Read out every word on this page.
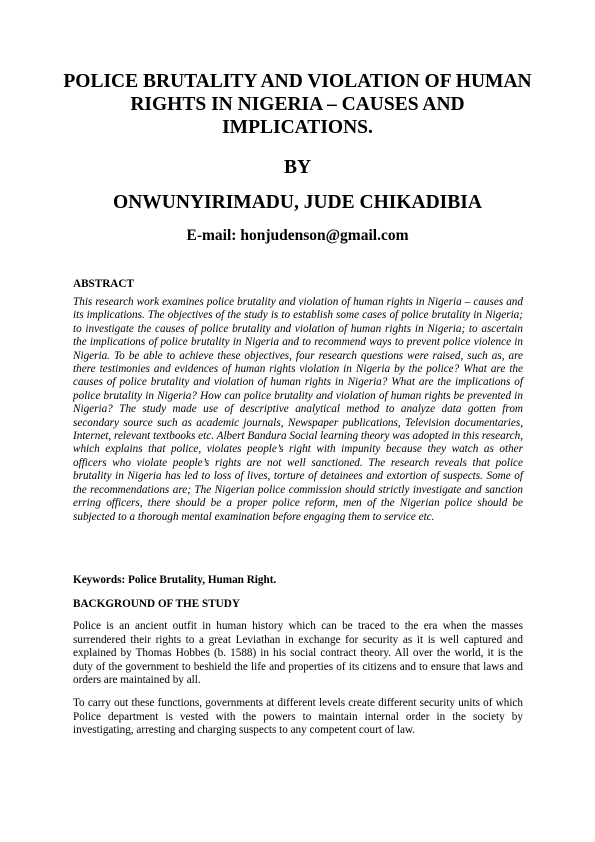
POLICE BRUTALITY AND VIOLATION OF HUMAN RIGHTS IN NIGERIA – CAUSES AND IMPLICATIONS.

BY

ONWUNYIRIMADU, JUDE CHIKADIBIA

E-mail: honjudenson@gmail.com

ABSTRACT

This research work examines police brutality and violation of human rights in Nigeria – causes and its implications. The objectives of the study is to establish some cases of police brutality in Nigeria; to investigate the causes of police brutality and violation of human rights in Nigeria; to ascertain the implications of police brutality in Nigeria and to recommend ways to prevent police violence in Nigeria. To be able to achieve these objectives, four research questions were raised, such as, are there testimonies and evidences of human rights violation in Nigeria by the police? What are the causes of police brutality and violation of human rights in Nigeria? What are the implications of police brutality in Nigeria? How can police brutality and violation of human rights be prevented in Nigeria? The study made use of descriptive analytical method to analyze data gotten from secondary source such as academic journals, Newspaper publications, Television documentaries, Internet, relevant textbooks etc. Albert Bandura Social learning theory was adopted in this research, which explains that police, violates people’s right with impunity because they watch as other officers who violate people’s rights are not well sanctioned. The research reveals that police brutality in Nigeria has led to loss of lives, torture of detainees and extortion of suspects. Some of the recommendations are; The Nigerian police commission should strictly investigate and sanction erring officers, there should be a proper police reform, men of the Nigerian police should be subjected to a thorough mental examination before engaging them to service etc.

Keywords: Police Brutality, Human Right.

BACKGROUND OF THE STUDY

Police is an ancient outfit in human history which can be traced to the era when the masses surrendered their rights to a great Leviathan in exchange for security as it is well captured and explained by Thomas Hobbes (b. 1588) in his social contract theory. All over the world, it is the duty of the government to beshield the life and properties of its citizens and to ensure that laws and orders are maintained by all.

To carry out these functions, governments at different levels create different security units of which Police department is vested with the powers to maintain internal order in the society by investigating, arresting and charging suspects to any competent court of law.
